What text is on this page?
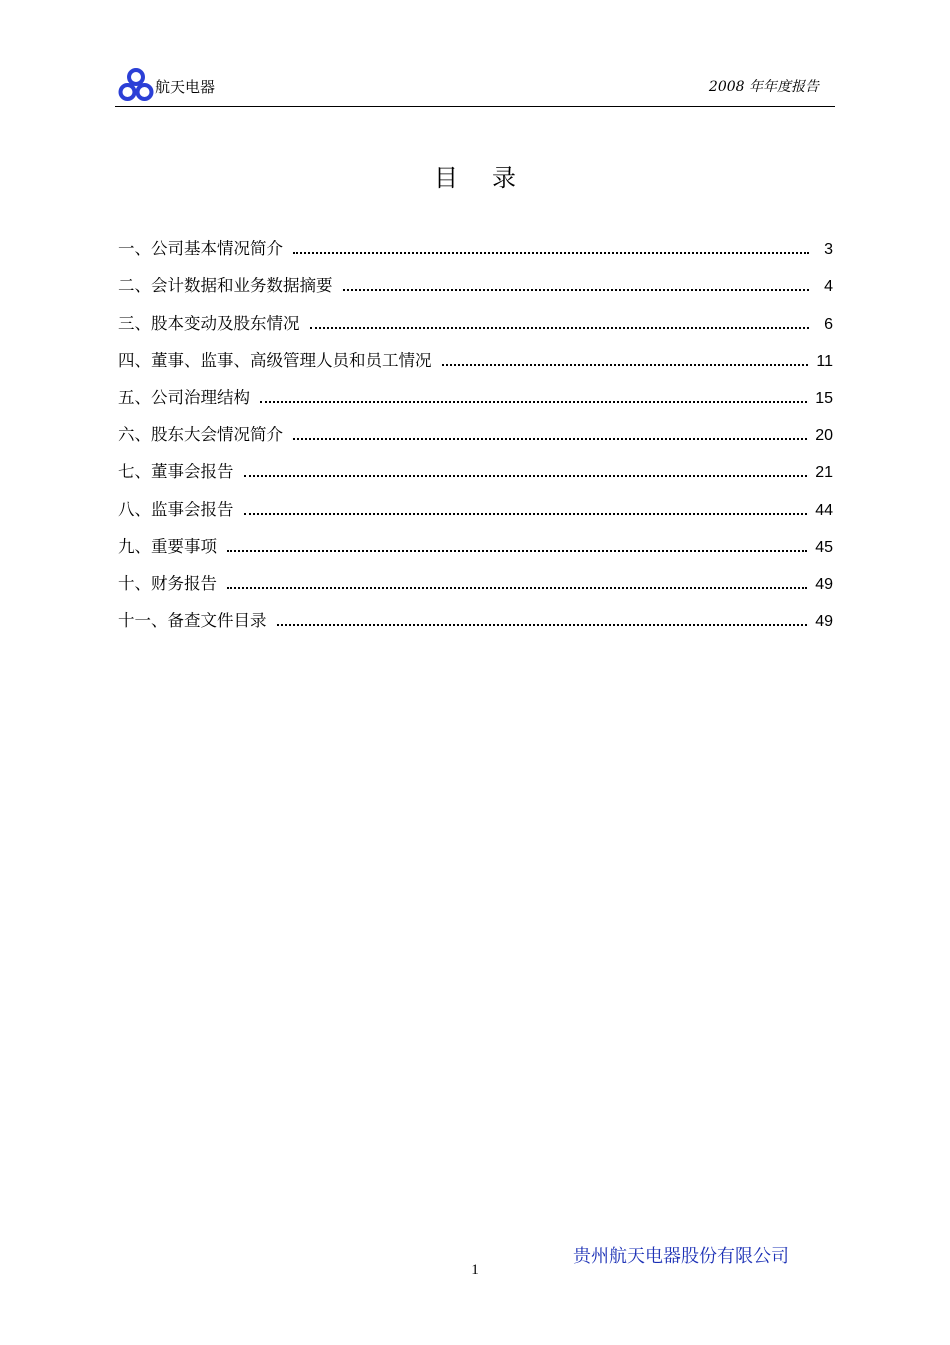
航天电器	2008 年年度报告
目录
一、公司基本情况简介	3
二、会计数据和业务数据摘要	4
三、股本变动及股东情况	6
四、董事、监事、高级管理人员和员工情况	11
五、公司治理结构	15
六、股东大会情况简介	20
七、董事会报告	21
八、监事会报告	44
九、重要事项	45
十、财务报告	49
十一、备查文件目录	49
贵州航天电器股份有限公司
1
